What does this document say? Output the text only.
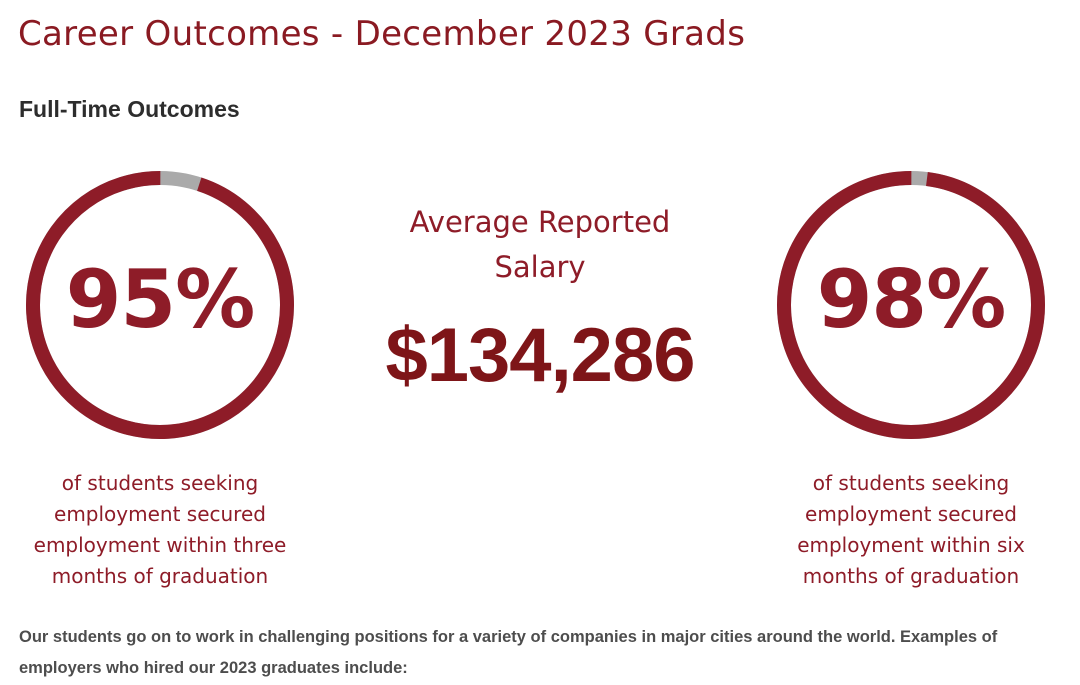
Career Outcomes - December 2023 Grads
Full-Time Outcomes
95%
of students seeking employment secured employment within three months of graduation
Average Reported Salary
$134,286
98%
of students seeking employment secured employment within six months of graduation

Our students go on to work in challenging positions for a variety of companies in major cities around the world. Examples of employers who hired our 2023 graduates include:
